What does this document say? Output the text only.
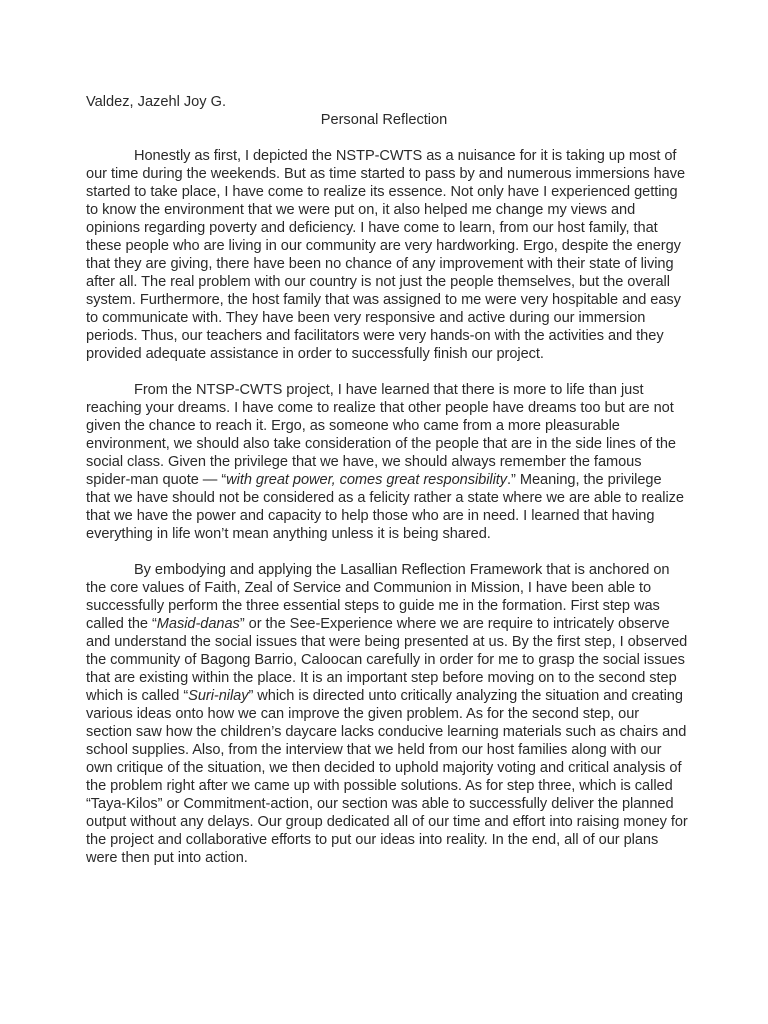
Valdez, Jazehl Joy G.

Personal Reflection

Honestly as first, I depicted the NSTP-CWTS as a nuisance for it is taking up most of our time during the weekends. But as time started to pass by and numerous immersions have started to take place, I have come to realize its essence. Not only have I experienced getting to know the environment that we were put on, it also helped me change my views and opinions regarding poverty and deficiency. I have come to learn, from our host family, that these people who are living in our community are very hardworking. Ergo, despite the energy that they are giving, there have been no chance of any improvement with their state of living after all. The real problem with our country is not just the people themselves, but the overall system. Furthermore, the host family that was assigned to me were very hospitable and easy to communicate with. They have been very responsive and active during our immersion periods. Thus, our teachers and facilitators were very hands-on with the activities and they provided adequate assistance in order to successfully finish our project.

From the NTSP-CWTS project, I have learned that there is more to life than just reaching your dreams. I have come to realize that other people have dreams too but are not given the chance to reach it. Ergo, as someone who came from a more pleasurable environment, we should also take consideration of the people that are in the side lines of the social class. Given the privilege that we have, we should always remember the famous spider-man quote — “with great power, comes great responsibility.” Meaning, the privilege that we have should not be considered as a felicity rather a state where we are able to realize that we have the power and capacity to help those who are in need. I learned that having everything in life won’t mean anything unless it is being shared.

By embodying and applying the Lasallian Reflection Framework that is anchored on the core values of Faith, Zeal of Service and Communion in Mission, I have been able to successfully perform the three essential steps to guide me in the formation. First step was called the “Masid-danas” or the See-Experience where we are require to intricately observe and understand the social issues that were being presented at us. By the first step, I observed the community of Bagong Barrio, Caloocan carefully in order for me to grasp the social issues that are existing within the place. It is an important step before moving on to the second step which is called “Suri-nilay” which is directed unto critically analyzing the situation and creating various ideas onto how we can improve the given problem. As for the second step, our section saw how the children’s daycare lacks conducive learning materials such as chairs and school supplies. Also, from the interview that we held from our host families along with our own critique of the situation, we then decided to uphold majority voting and critical analysis of the problem right after we came up with possible solutions. As for step three, which is called “Taya-Kilos” or Commitment-action, our section was able to successfully deliver the planned output without any delays. Our group dedicated all of our time and effort into raising money for the project and collaborative efforts to put our ideas into reality. In the end, all of our plans were then put into action.
